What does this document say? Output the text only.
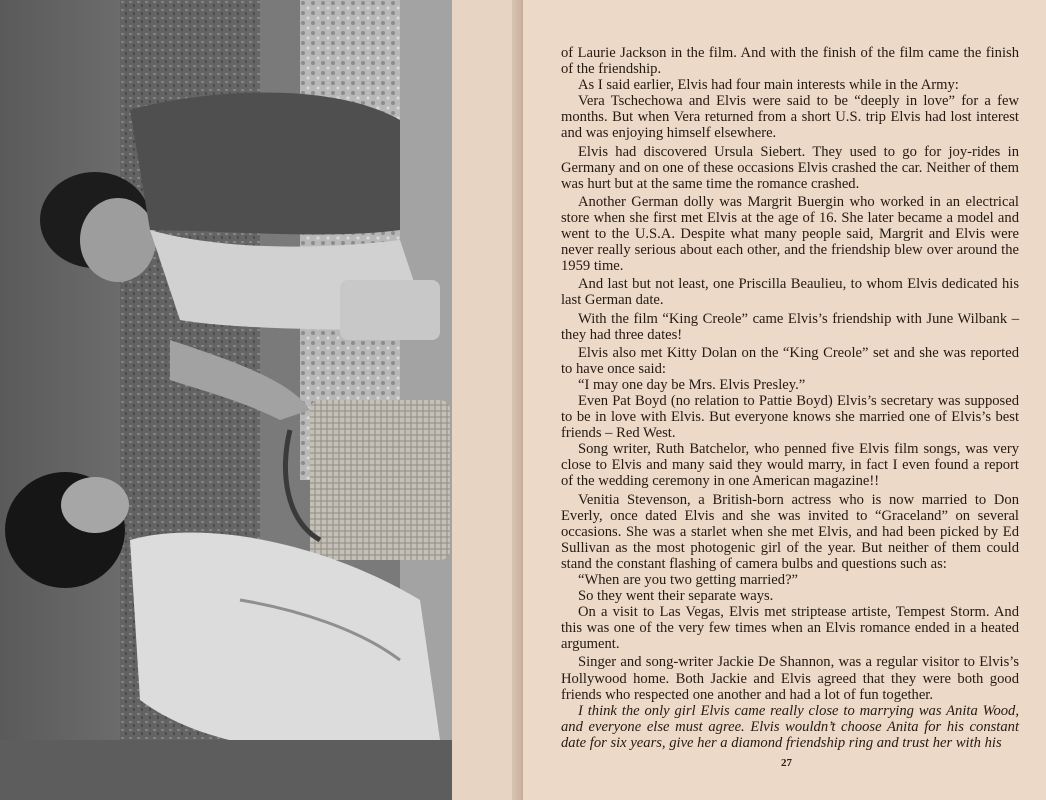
of Laurie Jackson in the film. And with the finish of the film came the finish of the friendship.

As I said earlier, Elvis had four main interests while in the Army:

Vera Tschechowa and Elvis were said to be “deeply in love” for a few months. But when Vera returned from a short U.S. trip Elvis had lost interest and was enjoying himself elsewhere.

Elvis had discovered Ursula Siebert. They used to go for joy-rides in Germany and on one of these occasions Elvis crashed the car. Neither of them was hurt but at the same time the romance crashed.

Another German dolly was Margrit Buergin who worked in an electrical store when she first met Elvis at the age of 16. She later became a model and went to the U.S.A. Despite what many people said, Margrit and Elvis were never really serious about each other, and the friendship blew over around the 1959 time.

And last but not least, one Priscilla Beaulieu, to whom Elvis dedicated his last German date.

With the film “King Creole” came Elvis’s friendship with June Wilbank – they had three dates!

Elvis also met Kitty Dolan on the “King Creole” set and she was reported to have once said:

“I may one day be Mrs. Elvis Presley.”

Even Pat Boyd (no relation to Pattie Boyd) Elvis’s secretary was supposed to be in love with Elvis. But everyone knows she married one of Elvis’s best friends – Red West.

Song writer, Ruth Batchelor, who penned five Elvis film songs, was very close to Elvis and many said they would marry, in fact I even found a report of the wedding ceremony in one American magazine!!

Venitia Stevenson, a British-born actress who is now married to Don Everly, once dated Elvis and she was invited to “Graceland” on several occasions. She was a starlet when she met Elvis, and had been picked by Ed Sullivan as the most photogenic girl of the year. But neither of them could stand the constant flashing of camera bulbs and questions such as:

“When are you two getting married?”

So they went their separate ways.

On a visit to Las Vegas, Elvis met striptease artiste, Tempest Storm. And this was one of the very few times when an Elvis romance ended in a heated argument.

Singer and song-writer Jackie De Shannon, was a regular visitor to Elvis’s Hollywood home. Both Jackie and Elvis agreed that they were both good friends who respected one another and had a lot of fun together.

I think the only girl Elvis came really close to marrying was Anita Wood, and everyone else must agree. Elvis wouldn’t choose Anita for his constant date for six years, give her a diamond friendship ring and trust her with his

27
